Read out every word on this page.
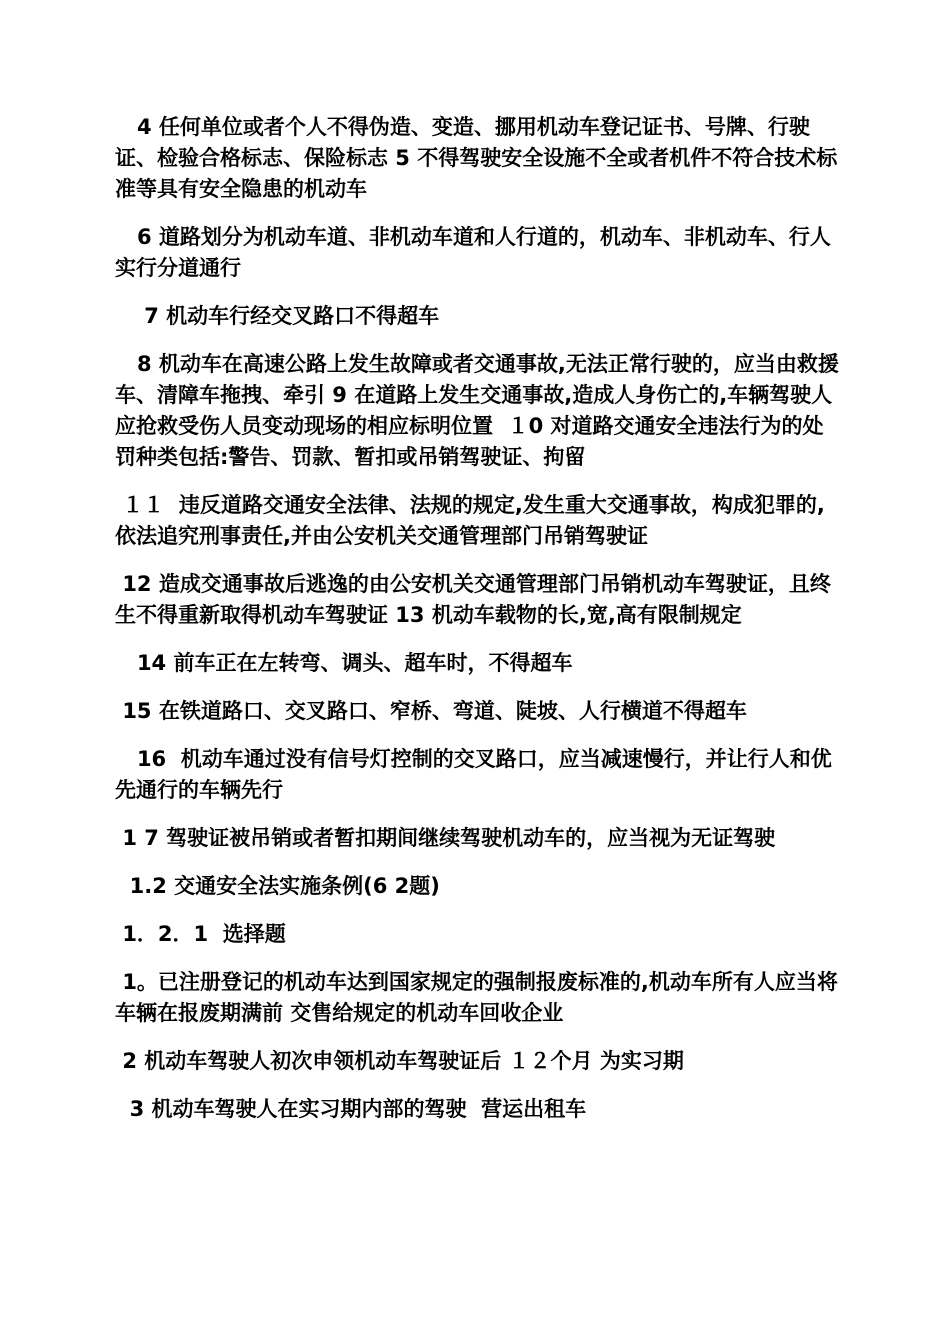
4 任何单位或者个人不得伪造、变造、挪用机动车登记证书、号牌、行驶证、检验合格标志、保险标志 5 不得驾驶安全设施不全或者机件不符合技术标准等具有安全隐患的机动车

6 道路划分为机动车道、非机动车道和人行道的，机动车、非机动车、行人实行分道通行

7 机动车行经交叉路口不得超车

8 机动车在高速公路上发生故障或者交通事故,无法正常行驶的，应当由救援车、清障车拖拽、牵引 9 在道路上发生交通事故,造成人身伤亡的,车辆驾驶人应抢救受伤人员变动现场的相应标明位置  １0 对道路交通安全违法行为的处罚种类包括:警告、罚款、暂扣或吊销驾驶证、拘留

１１  违反道路交通安全法律、法规的规定,发生重大交通事故，构成犯罪的,依法追究刑事责任,并由公安机关交通管理部门吊销驾驶证

12 造成交通事故后逃逸的由公安机关交通管理部门吊销机动车驾驶证，且终生不得重新取得机动车驾驶证 13 机动车载物的长,宽,高有限制规定

14 前车正在左转弯、调头、超车时，不得超车

15 在铁道路口、交叉路口、窄桥、弯道、陡坡、人行横道不得超车

16  机动车通过没有信号灯控制的交叉路口，应当减速慢行，并让行人和优先通行的车辆先行

1 7 驾驶证被吊销或者暂扣期间继续驾驶机动车的，应当视为无证驾驶

1.2 交通安全法实施条例(6 2题)

1．2．1  选择题

1。已注册登记的机动车达到国家规定的强制报废标准的,机动车所有人应当将车辆在报废期满前 交售给规定的机动车回收企业

2 机动车驾驶人初次申领机动车驾驶证后 １２个月 为实习期

3 机动车驾驶人在实习期内部的驾驶  营运出租车
